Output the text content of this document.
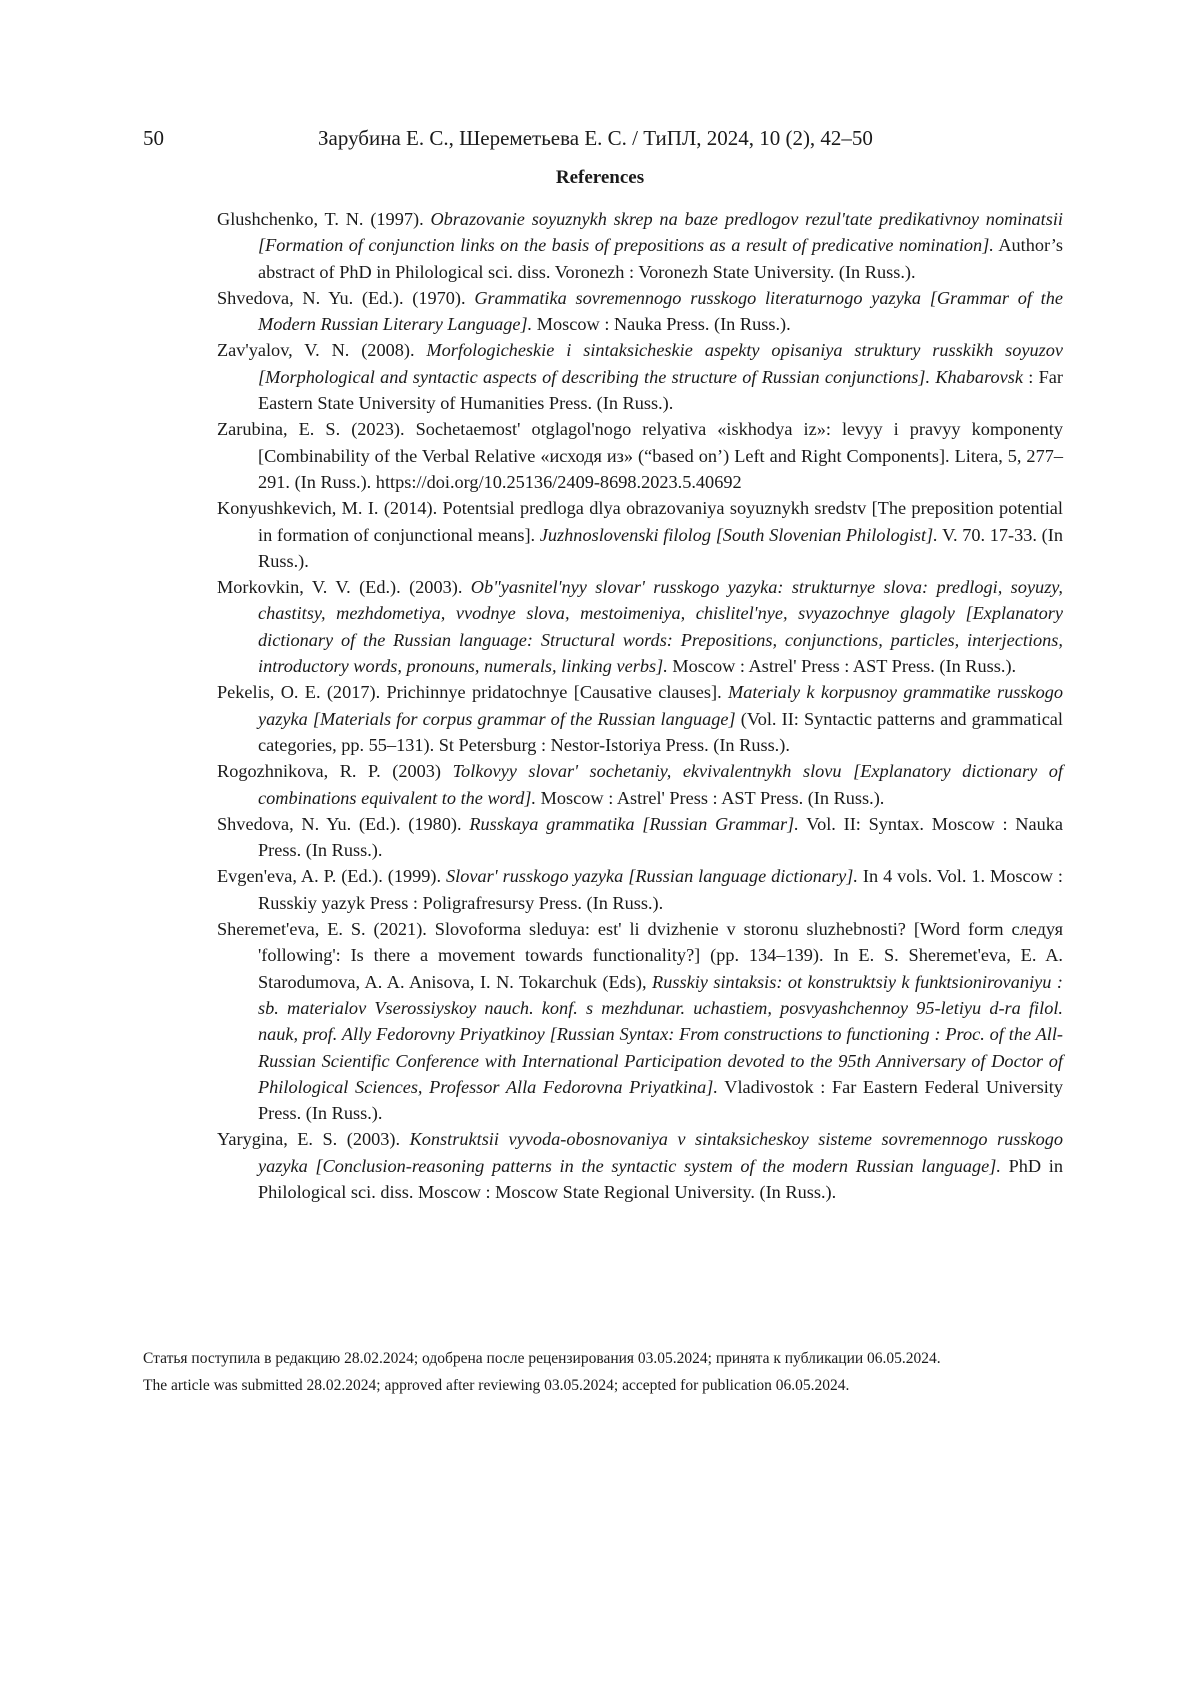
50	Зарубина Е. С., Шереметьева Е. С. / ТиПЛ, 2024, 10 (2), 42–50
References
Glushchenko, T. N. (1997). Obrazovanie soyuznykh skrep na baze predlogov rezul'tate predikativnoy nominatsii [Formation of conjunction links on the basis of prepositions as a result of predicative nomination]. Author’s abstract of PhD in Philological sci. diss. Voronezh : Voronezh State University. (In Russ.).
Shvedova, N. Yu. (Ed.). (1970). Grammatika sovremennogo russkogo literaturnogo yazyka [Grammar of the Modern Russian Literary Language]. Moscow : Nauka Press. (In Russ.).
Zav'yalov, V. N. (2008). Morfologicheskie i sintaksicheskie aspekty opisaniya struktury russkikh soyuzov [Morphological and syntactic aspects of describing the structure of Russian conjunctions]. Khabarovsk : Far Eastern State University of Humanities Press. (In Russ.).
Zarubina, E. S. (2023). Sochetaemost' otglagol'nogo relyativa «iskhodya iz»: levyy i pravyy komponenty [Combinability of the Verbal Relative «исходя из» (“based on’) Left and Right Components]. Litera, 5, 277–291. (In Russ.). https://doi.org/10.25136/2409-8698.2023.5.40692
Konyushkevich, M. I. (2014). Potentsial predloga dlya obrazovaniya soyuznykh sredstv [The preposition potential in formation of conjunctional means]. Juzhnoslovenski filolog [South Slovenian Philologist]. V. 70. 17-33. (In Russ.).
Morkovkin, V. V. (Ed.). (2003). Ob"yasnitel'nyy slovar' russkogo yazyka: strukturnye slova: predlogi, soyuzy, chastitsy, mezhdometiya, vvodnye slova, mestoimeniya, chislitel'nye, svyazochnye glagoly [Explanatory dictionary of the Russian language: Structural words: Prepositions, conjunctions, particles, interjections, introductory words, pronouns, numerals, linking verbs]. Moscow : Astrel' Press : AST Press. (In Russ.).
Pekelis, O. E. (2017). Prichinnye pridatochnye [Causative clauses]. Materialy k korpusnoy grammatike russkogo yazyka [Materials for corpus grammar of the Russian language] (Vol. II: Syntactic patterns and grammatical categories, pp. 55–131). St Petersburg : Nestor-Istoriya Press. (In Russ.).
Rogozhnikova, R. P. (2003) Tolkovyy slovar' sochetaniy, ekvivalentnykh slovu [Explanatory dictionary of combinations equivalent to the word]. Moscow : Astrel' Press : AST Press. (In Russ.).
Shvedova, N. Yu. (Ed.). (1980). Russkaya grammatika [Russian Grammar]. Vol. II: Syntax. Moscow : Nauka Press. (In Russ.).
Evgen'eva, A. P. (Ed.). (1999). Slovar' russkogo yazyka [Russian language dictionary]. In 4 vols. Vol. 1. Moscow : Russkiy yazyk Press : Poligrafresursy Press. (In Russ.).
Sheremet'eva, E. S. (2021). Slovoforma sleduya: est' li dvizhenie v storonu sluzhebnosti? [Word form следуя 'following': Is there a movement towards functionality?] (pp. 134–139). In E. S. Sheremet'eva, E. A. Starodumova, A. A. Anisova, I. N. Tokarchuk (Eds), Russkiy sintaksis: ot konstruktsiy k funktsionirovaniyu : sb. materialov Vserossiyskoy nauch. konf. s mezhdunar. uchastiem, posvyashchennoy 95-letiyu d-ra filol. nauk, prof. Ally Fedorovny Priyatkinoy [Russian Syntax: From constructions to functioning : Proc. of the All-Russian Scientific Conference with International Participation devoted to the 95th Anniversary of Doctor of Philological Sciences, Professor Alla Fedorovna Priyatkina]. Vladivostok : Far Eastern Federal University Press. (In Russ.).
Yarygina, E. S. (2003). Konstruktsii vyvoda-obosnovaniya v sintaksicheskoy sisteme sovremennogo russkogo yazyka [Conclusion-reasoning patterns in the syntactic system of the modern Russian language]. PhD in Philological sci. diss. Moscow : Moscow State Regional University. (In Russ.).
Статья поступила в редакцию 28.02.2024; одобрена после рецензирования 03.05.2024; принята к публикации 06.05.2024.
The article was submitted 28.02.2024; approved after reviewing 03.05.2024; accepted for publication 06.05.2024.
